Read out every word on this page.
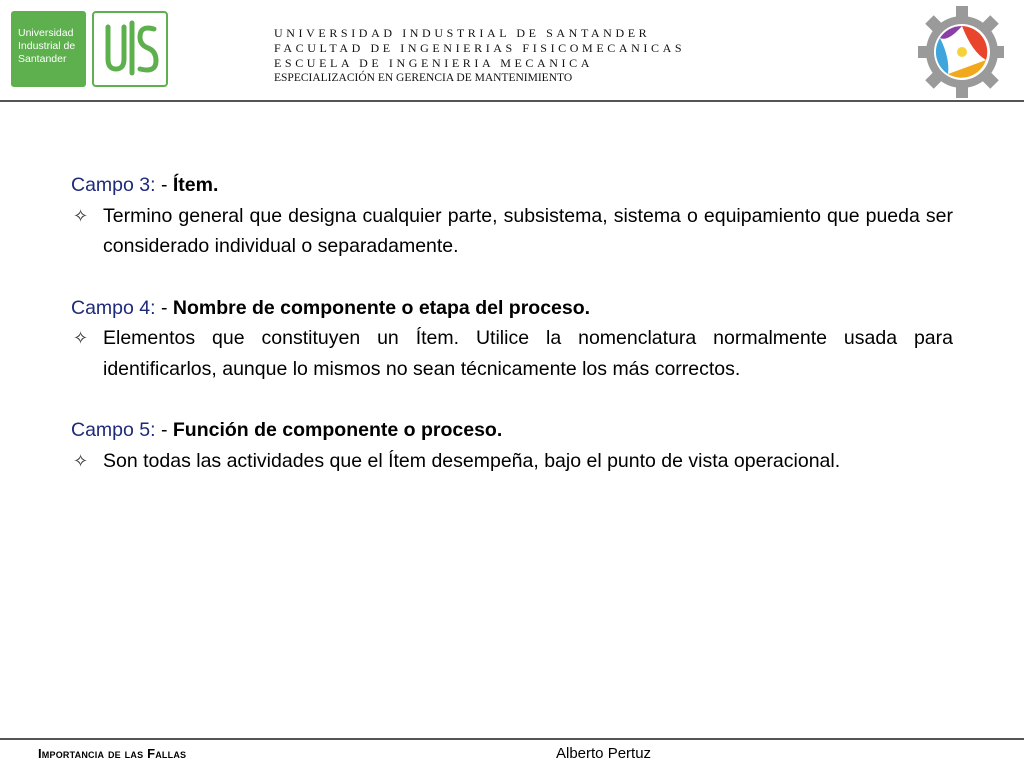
Universidad
Industrial de
Santander
UNIVERSIDAD INDUSTRIAL DE SANTANDER
FACULTAD DE INGENIERIAS FISICOMECANICAS
ESCUELA DE INGENIERIA MECANICA
ESPECIALIZACIÓN EN GERENCIA DE MANTENIMIENTO

Campo 3: - Ítem.

✧ Termino general que designa cualquier parte, subsistema, sistema o equipamiento que pueda ser considerado individual o separadamente.

Campo 4: - Nombre de componente o etapa del proceso.

✧ Elementos que constituyen un Ítem. Utilice la nomenclatura normalmente usada para identificarlos, aunque lo mismos no sean técnicamente los más correctos.

Campo 5: - Función de componente o proceso.

✧ Son todas las actividades que el Ítem desempeña, bajo el punto de vista operacional.

Importancia de las Fallas	Alberto Pertuz
